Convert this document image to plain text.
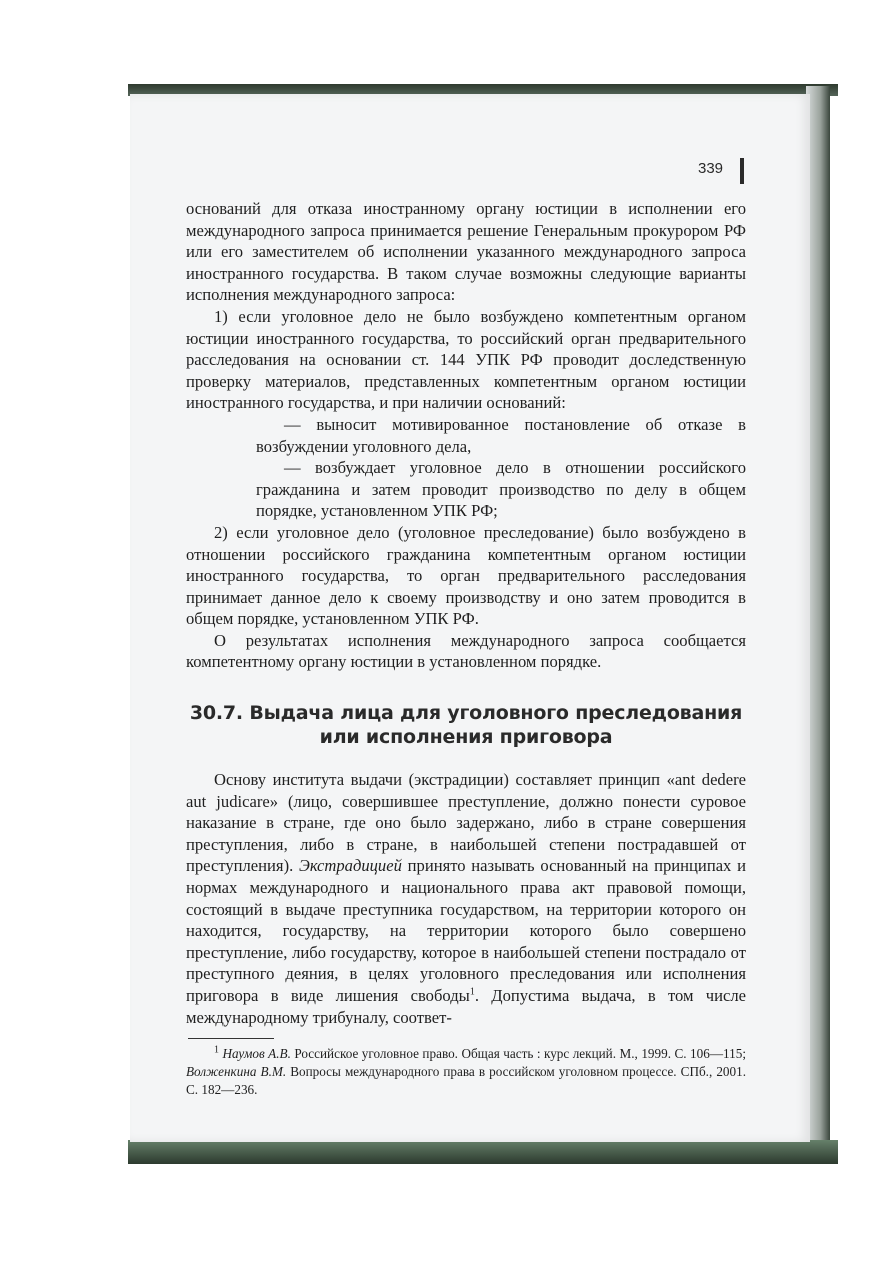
339

оснований для отказа иностранному органу юстиции в исполнении его международного запроса принимается решение Генеральным прокурором РФ или его заместителем об исполнении указанного международного запроса иностранного государства. В таком случае возможны следующие варианты исполнения международного запроса:

1) если уголовное дело не было возбуждено компетентным органом юстиции иностранного государства, то российский орган предварительного расследования на основании ст. 144 УПК РФ проводит доследственную проверку материалов, представленных компетентным органом юстиции иностранного государства, и при наличии оснований:

— выносит мотивированное постановление об отказе в возбуждении уголовного дела,

— возбуждает уголовное дело в отношении российского гражданина и затем проводит производство по делу в общем порядке, установленном УПК РФ;

2) если уголовное дело (уголовное преследование) было возбуждено в отношении российского гражданина компетентным органом юстиции иностранного государства, то орган предварительного расследования принимает данное дело к своему производству и оно затем проводится в общем порядке, установленном УПК РФ.

О результатах исполнения международного запроса сообщается компетентному органу юстиции в установленном порядке.

30.7. Выдача лица для уголовного преследования
или исполнения приговора

Основу института выдачи (экстрадиции) составляет принцип «ant dedere aut judicare» (лицо, совершившее преступление, должно понести суровое наказание в стране, где оно было задержано, либо в стране совершения преступления, либо в стране, в наибольшей степени пострадавшей от преступления). Экстрадицией принято называть основанный на принципах и нормах международного и национального права акт правовой помощи, состоящий в выдаче преступника государством, на территории которого он находится, государству, на территории которого было совершено преступление, либо государству, которое в наибольшей степени пострадало от преступного деяния, в целях уголовного преследования или исполнения приговора в виде лишения свободы$^1$. Допустима выдача, в том числе международному трибуналу, соответ-

$^1$ Наумов А.В. Российское уголовное право. Общая часть : курс лекций. М., 1999. С. 106—115; Волженкина В.М. Вопросы международного права в российском уголовном процессе. СПб., 2001. С. 182—236.
